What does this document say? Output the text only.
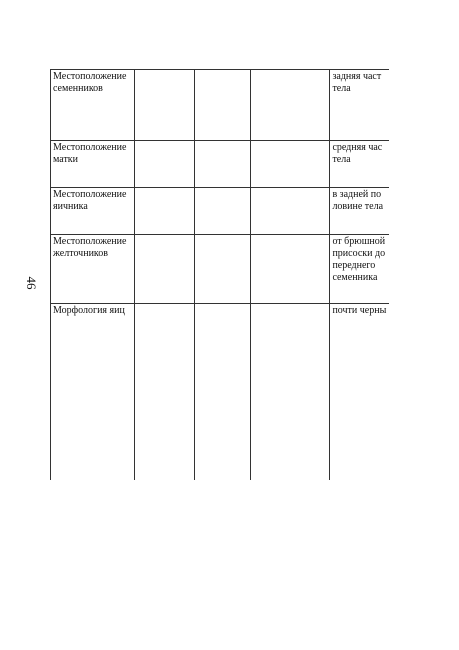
46
Местоположение
семенников				задняя част
тела

Местоположение
матки				средняя час
тела

Местоположение
яичника				в задней по
ловине тела

Местоположение
желточников				от брюшной
присоски до
переднего
семенника

Морфология яиц				почти черны
